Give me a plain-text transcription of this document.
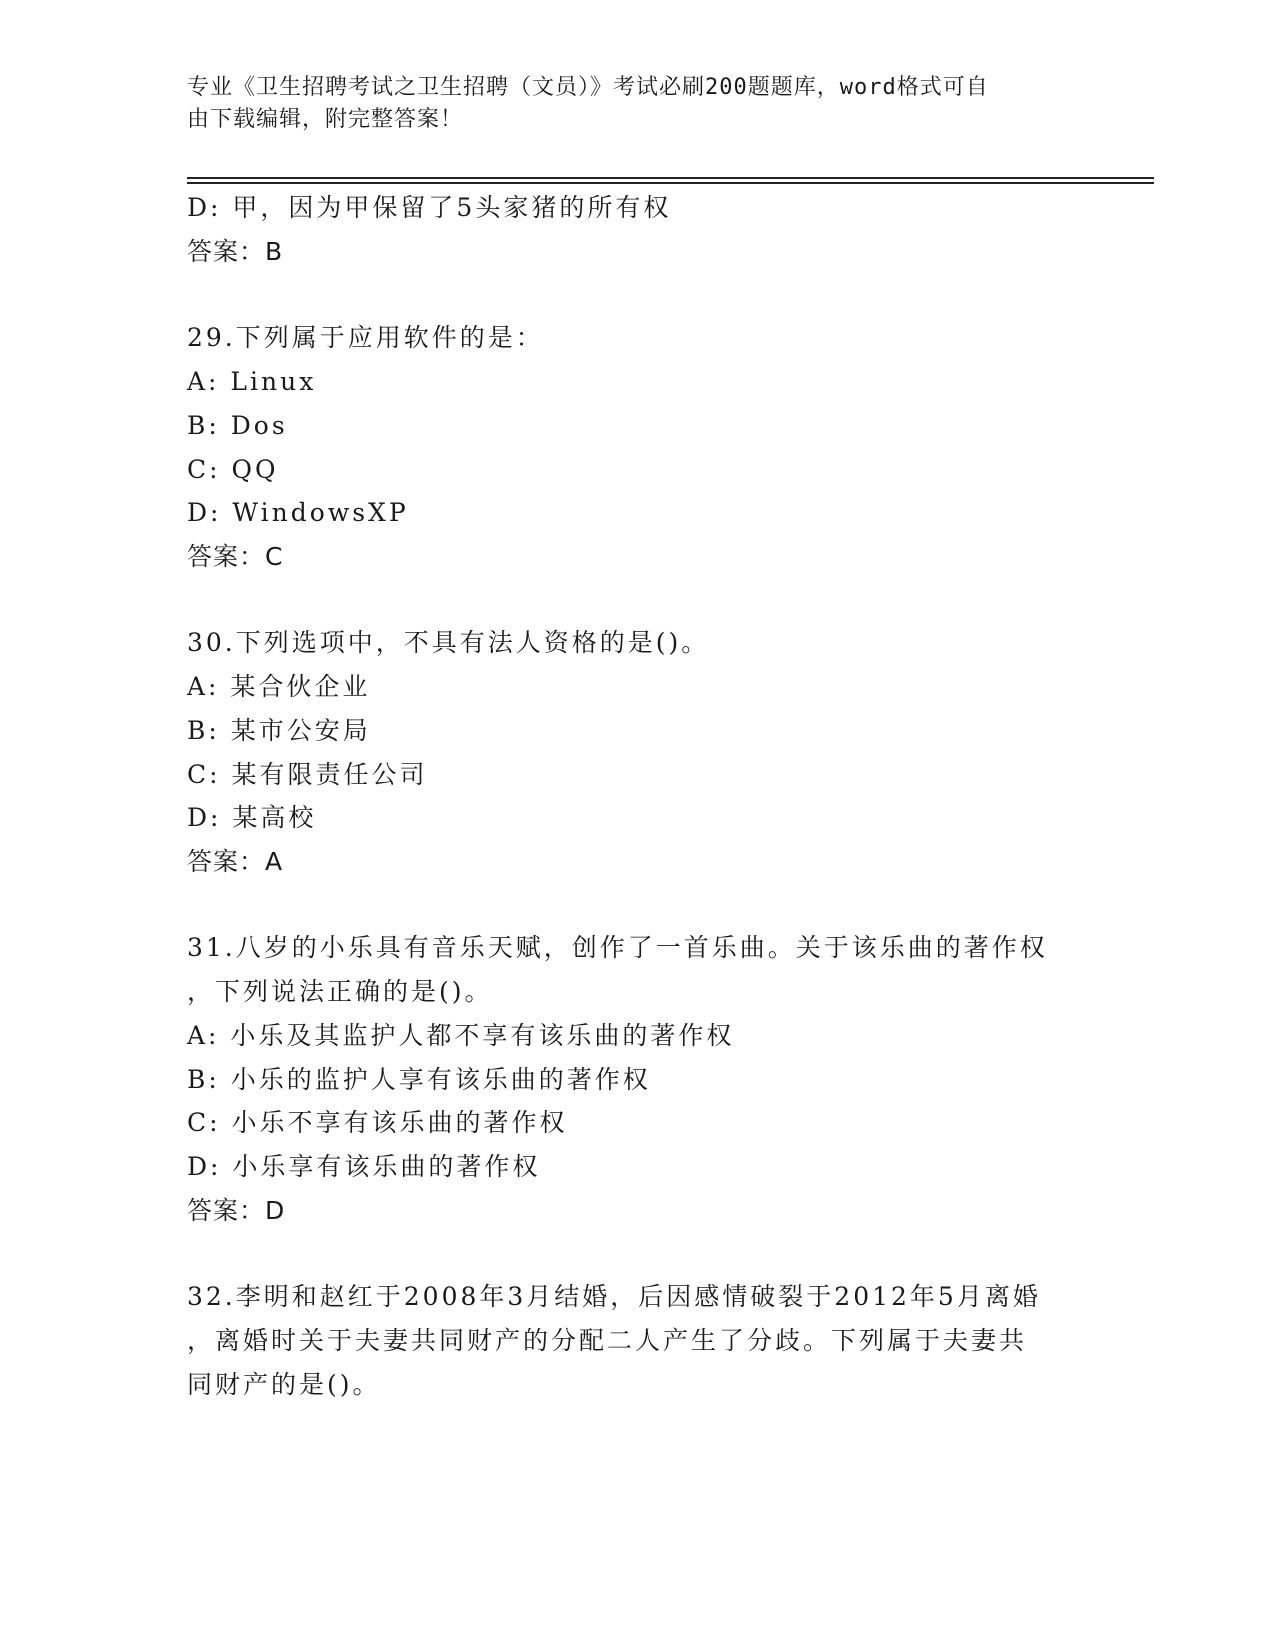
专业《卫生招聘考试之卫生招聘（文员）》考试必刷200题题库，word格式可自
由下载编辑，附完整答案！
D: 甲，因为甲保留了5头家猪的所有权
答案：B
29.下列属于应用软件的是：
A: Linux
B: Dos
C: QQ
D: WindowsXP
答案：C
30.下列选项中，不具有法人资格的是()。
A: 某合伙企业
B: 某市公安局
C: 某有限责任公司
D: 某高校
答案：A
31.八岁的小乐具有音乐天赋，创作了一首乐曲。关于该乐曲的著作权
，下列说法正确的是()。
A: 小乐及其监护人都不享有该乐曲的著作权
B: 小乐的监护人享有该乐曲的著作权
C: 小乐不享有该乐曲的著作权
D: 小乐享有该乐曲的著作权
答案：D
32.李明和赵红于2008年3月结婚，后因感情破裂于2012年5月离婚
，离婚时关于夫妻共同财产的分配二人产生了分歧。下列属于夫妻共
同财产的是()。
